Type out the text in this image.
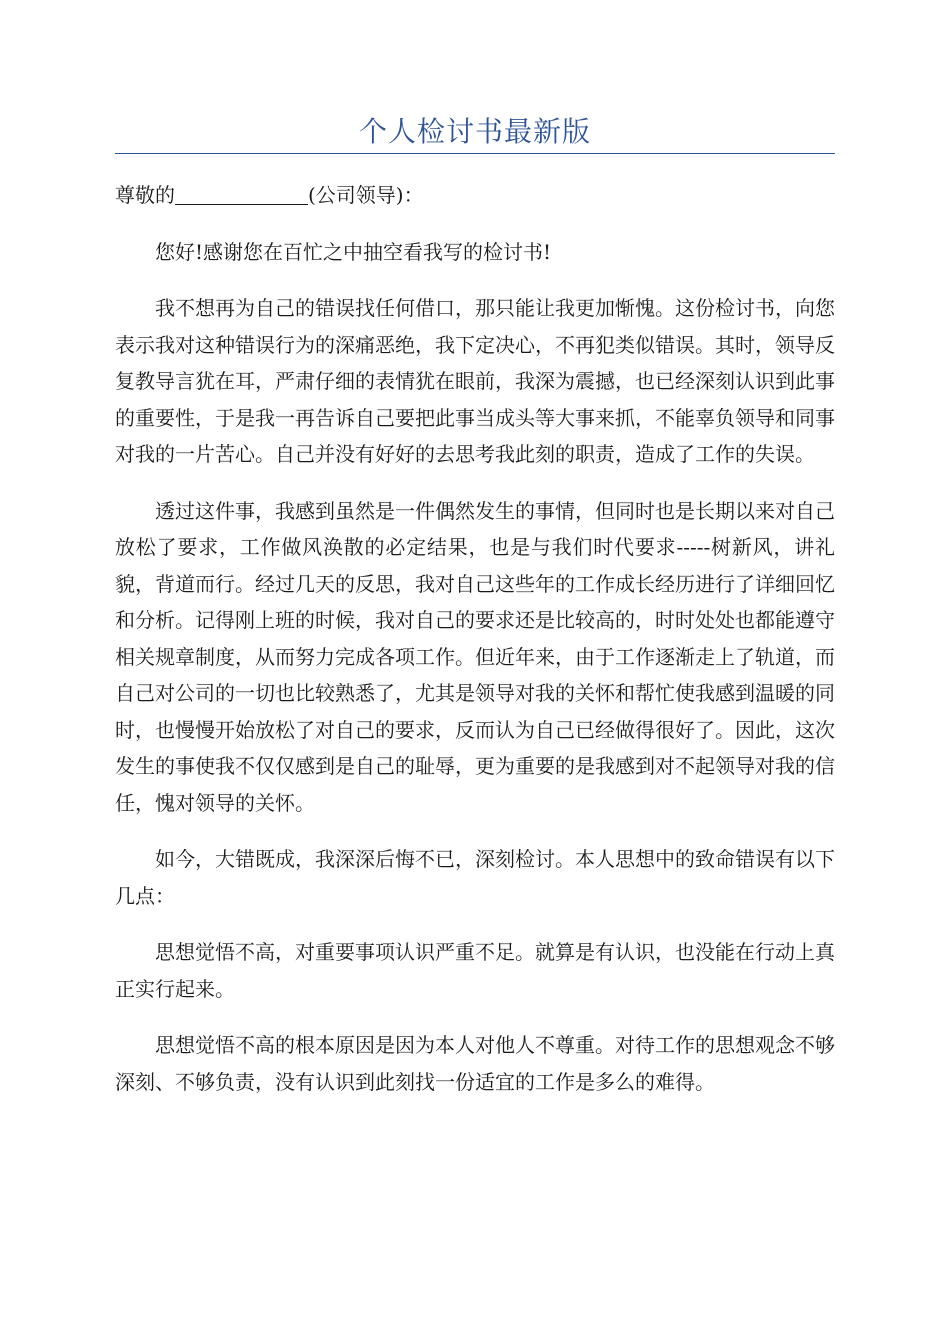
个人检讨书最新版

尊敬的	(公司领导)：

您好!感谢您在百忙之中抽空看我写的检讨书!

我不想再为自己的错误找任何借口，那只能让我更加惭愧。这份检讨书，向您表示我对这种错误行为的深痛恶绝，我下定决心，不再犯类似错误。其时，领导反复教导言犹在耳，严肃仔细的表情犹在眼前，我深为震撼，也已经深刻认识到此事的重要性，于是我一再告诉自己要把此事当成头等大事来抓，不能辜负领导和同事对我的一片苦心。自己并没有好好的去思考我此刻的职责，造成了工作的失误。

透过这件事，我感到虽然是一件偶然发生的事情，但同时也是长期以来对自己放松了要求，工作做风涣散的必定结果，也是与我们时代要求-----树新风，讲礼貌，背道而行。经过几天的反思，我对自己这些年的工作成长经历进行了详细回忆和分析。记得刚上班的时候，我对自己的要求还是比较高的，时时处处也都能遵守相关规章制度，从而努力完成各项工作。但近年来，由于工作逐渐走上了轨道，而自己对公司的一切也比较熟悉了，尤其是领导对我的关怀和帮忙使我感到温暖的同时，也慢慢开始放松了对自己的要求，反而认为自己已经做得很好了。因此，这次发生的事使我不仅仅感到是自己的耻辱，更为重要的是我感到对不起领导对我的信任，愧对领导的关怀。

如今，大错既成，我深深后悔不已，深刻检讨。本人思想中的致命错误有以下几点：

思想觉悟不高，对重要事项认识严重不足。就算是有认识，也没能在行动上真正实行起来。

思想觉悟不高的根本原因是因为本人对他人不尊重。对待工作的思想观念不够深刻、不够负责，没有认识到此刻找一份适宜的工作是多么的难得。
